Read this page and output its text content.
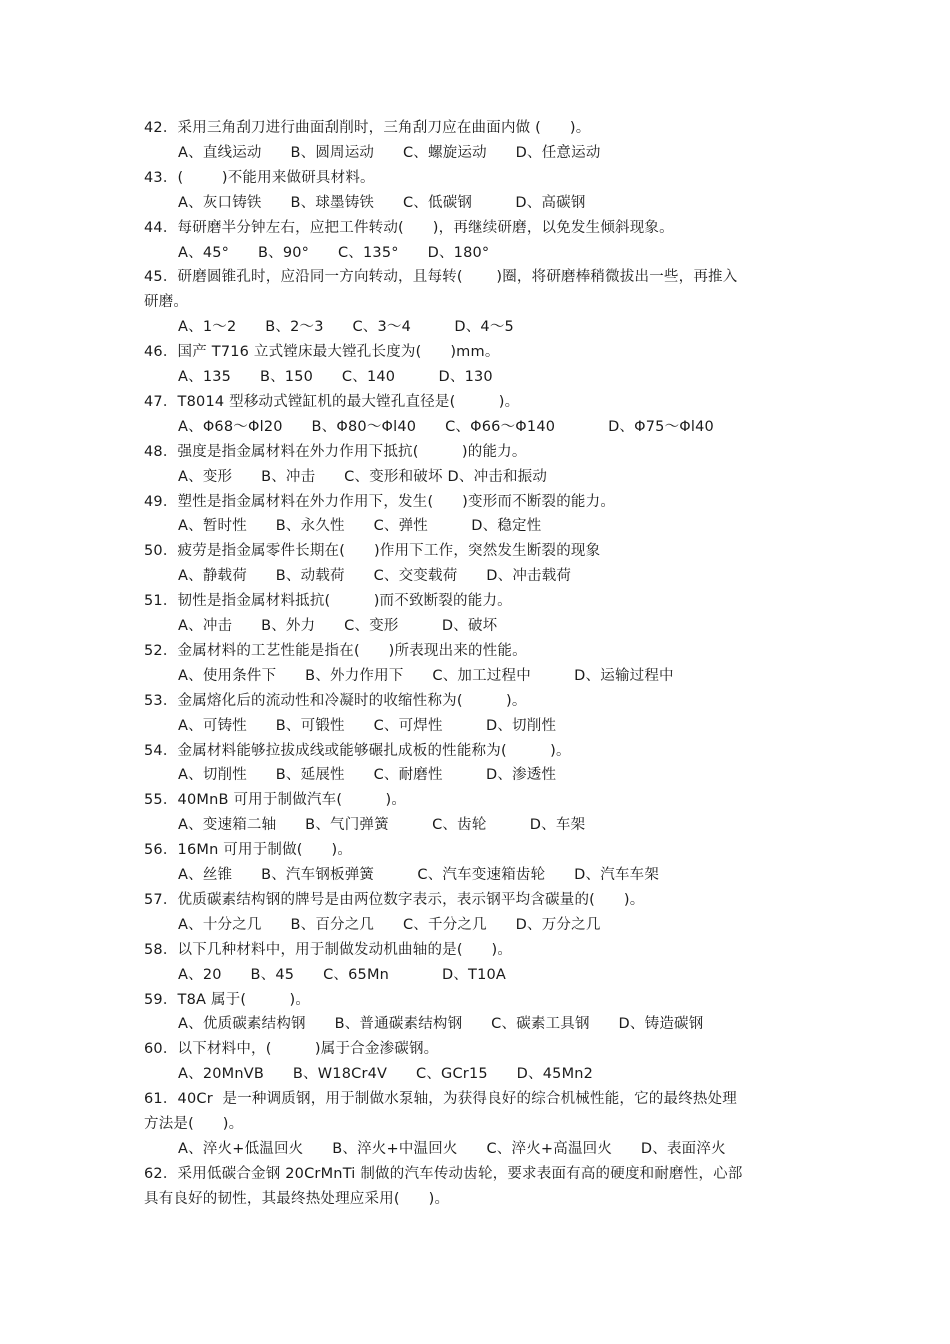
42．采用三角刮刀进行曲面刮削时，三角刮刀应在曲面内做 (      )。
A、直线运动      B、圆周运动      C、螺旋运动      D、任意运动
43．(        )不能用来做研具材料。
A、灰口铸铁      B、球墨铸铁      C、低碳钢         D、高碳钢
44．每研磨半分钟左右，应把工件转动(      )，再继续研磨，以免发生倾斜现象。
A、45°      B、90°      C、135°      D、180°
45．研磨圆锥孔时，应沿同一方向转动，且每转(       )圈，将研磨棒稍微拔出一些，再推入
研磨。
A、1～2      B、2～3      C、3～4         D、4～5
46．国产 T716 立式镗床最大镗孔长度为(      )mm。
A、135      B、150      C、140         D、130
47．T8014 型移动式镗缸机的最大镗孔直径是(         )。
A、Φ68～Φl20      B、Φ80～Φl40      C、Φ66～Φ140           D、Φ75～Φl40
48．强度是指金属材料在外力作用下抵抗(         )的能力。
A、变形      B、冲击      C、变形和破坏 D、冲击和振动
49．塑性是指金属材料在外力作用下，发生(      )变形而不断裂的能力。
A、暂时性      B、永久性      C、弹性         D、稳定性
50．疲劳是指金属零件长期在(      )作用下工作，突然发生断裂的现象
A、静载荷      B、动载荷      C、交变载荷      D、冲击载荷
51．韧性是指金属材料抵抗(         )而不致断裂的能力。
A、冲击      B、外力      C、变形         D、破坏
52．金属材料的工艺性能是指在(      )所表现出来的性能。
A、使用条件下      B、外力作用下      C、加工过程中         D、运输过程中
53．金属熔化后的流动性和冷凝时的收缩性称为(         )。
A、可铸性      B、可锻性      C、可焊性         D、切削性
54．金属材料能够拉拔成线或能够碾扎成板的性能称为(         )。
A、切削性      B、延展性      C、耐磨性         D、渗透性
55．40MnB 可用于制做汽车(         )。
A、变速箱二轴      B、气门弹簧         C、齿轮         D、车架
56．16Mn 可用于制做(      )。
A、丝锥      B、汽车钢板弹簧         C、汽车变速箱齿轮      D、汽车车架
57．优质碳素结构钢的牌号是由两位数字表示，表示钢平均含碳量的(      )。
A、十分之几      B、百分之几      C、千分之几      D、万分之几
58．以下几种材料中，用于制做发动机曲轴的是(      )。
A、20      B、45      C、65Mn           D、T10A
59．T8A 属于(         )。
A、优质碳素结构钢      B、普通碳素结构钢      C、碳素工具钢      D、铸造碳钢
60．以下材料中，(         )属于合金渗碳钢。
A、20MnVB      B、W18Cr4V      C、GCr15      D、45Mn2
61．40Cr  是一种调质钢，用于制做水泵轴，为获得良好的综合机械性能，它的最终热处理
方法是(      )。
A、淬火+低温回火      B、淬火+中温回火      C、淬火+高温回火      D、表面淬火
62．采用低碳合金钢 20CrMnTi 制做的汽车传动齿轮，要求表面有高的硬度和耐磨性，心部
具有良好的韧性，其最终热处理应采用(      )。
